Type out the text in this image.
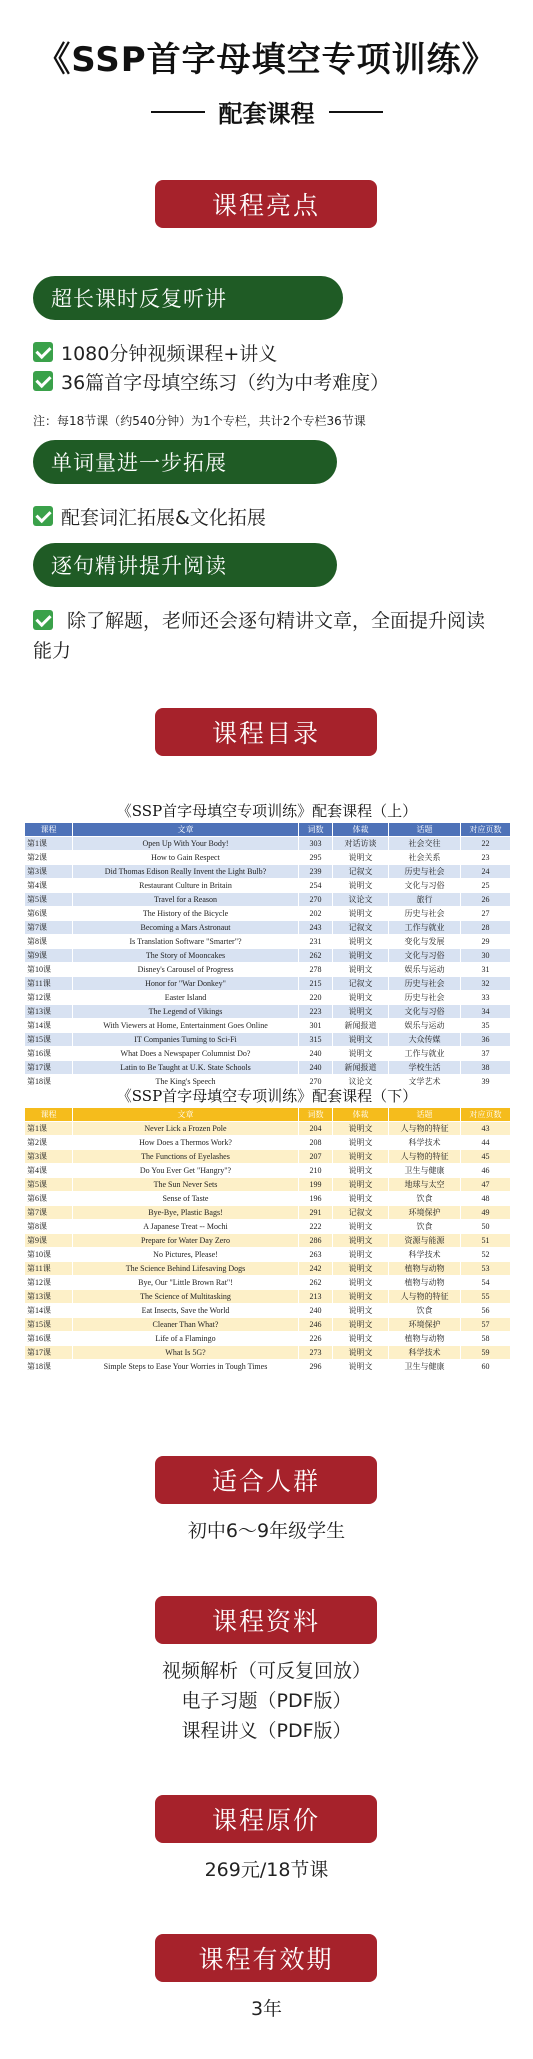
《SSP首字母填空专项训练》
配套课程
课程亮点
超长课时反复听讲
1080分钟视频课程+讲义
36篇首字母填空练习（约为中考难度）
注：每18节课（约540分钟）为1个专栏，共计2个专栏36节课
单词量进一步拓展
配套词汇拓展&文化拓展
逐句精讲提升阅读
除了解题，老师还会逐句精讲文章，全面提升阅读能力
课程目录
《SSP首字母填空专项训练》配套课程（上）
课程	文章	词数	体裁	话题	对应页数
第1课	Open Up With Your Body!	303	对话访谈	社会交往	22
第2课	How to Gain Respect	295	说明文	社会关系	23
第3课	Did Thomas Edison Really Invent the Light Bulb?	239	记叙文	历史与社会	24
第4课	Restaurant Culture in Britain	254	说明文	文化与习俗	25
第5课	Travel for a Reason	270	议论文	旅行	26
第6课	The History of the Bicycle	202	说明文	历史与社会	27
第7课	Becoming a Mars Astronaut	243	记叙文	工作与就业	28
第8课	Is Translation Software "Smarter"?	231	说明文	变化与发展	29
第9课	The Story of Mooncakes	262	说明文	文化与习俗	30
第10课	Disney's Carousel of Progress	278	说明文	娱乐与运动	31
第11课	Honor for "War Donkey"	215	记叙文	历史与社会	32
第12课	Easter Island	220	说明文	历史与社会	33
第13课	The Legend of Vikings	223	说明文	文化与习俗	34
第14课	With Viewers at Home, Entertainment Goes Online	301	新闻报道	娱乐与运动	35
第15课	IT Companies Turning to Sci-Fi	315	说明文	大众传媒	36
第16课	What Does a Newspaper Columnist Do?	240	说明文	工作与就业	37
第17课	Latin to Be Taught at U.K. State Schools	240	新闻报道	学校生活	38
第18课	The King's Speech	270	议论文	文学艺术	39
《SSP首字母填空专项训练》配套课程（下）
课程	文章	词数	体裁	话题	对应页数
第1课	Never Lick a Frozen Pole	204	说明文	人与物的特征	43
第2课	How Does a Thermos Work?	208	说明文	科学技术	44
第3课	The Functions of Eyelashes	207	说明文	人与物的特征	45
第4课	Do You Ever Get "Hangry"?	210	说明文	卫生与健康	46
第5课	The Sun Never Sets	199	说明文	地球与太空	47
第6课	Sense of Taste	196	说明文	饮食	48
第7课	Bye-Bye, Plastic Bags!	291	记叙文	环境保护	49
第8课	A Japanese Treat -- Mochi	222	说明文	饮食	50
第9课	Prepare for Water Day Zero	286	说明文	资源与能源	51
第10课	No Pictures, Please!	263	说明文	科学技术	52
第11课	The Science Behind Lifesaving Dogs	242	说明文	植物与动物	53
第12课	Bye, Our "Little Brown Rat"!	262	说明文	植物与动物	54
第13课	The Science of Multitasking	213	说明文	人与物的特征	55
第14课	Eat Insects, Save the World	240	说明文	饮食	56
第15课	Cleaner Than What?	246	说明文	环境保护	57
第16课	Life of a Flamingo	226	说明文	植物与动物	58
第17课	What Is 5G?	273	说明文	科学技术	59
第18课	Simple Steps to Ease Your Worries in Tough Times	296	说明文	卫生与健康	60
适合人群
初中6～9年级学生
课程资料
视频解析（可反复回放）
电子习题（PDF版）
课程讲义（PDF版）
课程原价
269元/18节课
课程有效期
3年
